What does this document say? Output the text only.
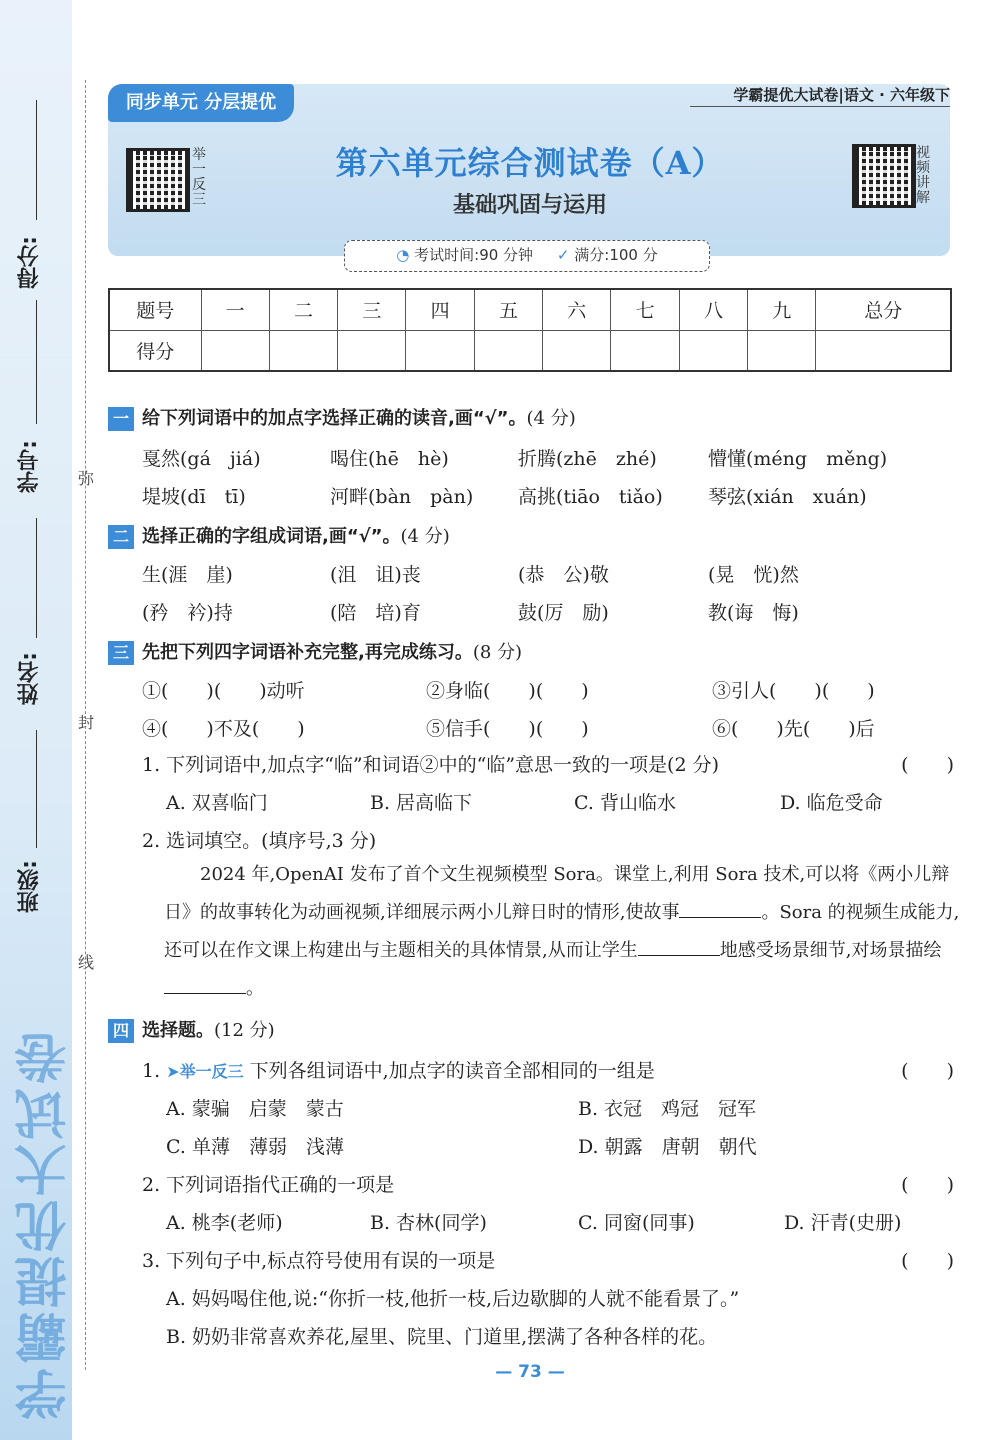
学霸提优大试卷
得分:
学号:
姓名:
班级:
弥
封
线
同步单元 分层提优	学霸提优大试卷|语文 · 六年级下
举一反三
视频讲解
第六单元综合测试卷（A）
基础巩固与运用
◔ 考试时间:90 分钟 ✓ 满分:100 分
题号	一	二	三	四	五	六	七	八	九	总分
得分										
一 给下列词语中的加点字选择正确的读音,画“√”。(4 分)
戛然(gá　jiá)	喝住(hē　hè)	折腾(zhē　zhé)	懵懂(méng　měng)
堤坡(dī　tī)	河畔(bàn　pàn) 高挑(tiāo　tiǎo) 琴弦(xián　xuán)
二 选择正确的字组成词语,画“√”。(4 分)
生(涯　崖)	(沮　诅)丧	(恭　公)敬	(晃　恍)然
(矜　衿)持	(陪　培)育	鼓(厉　励)	教(诲　悔)
三 先把下列四字词语补充完整,再完成练习。(8 分)
①(　　)(　　)动听	②身临(　　)(　　)	③引人(　　)(　　)
④(　　)不及(　　)	⑤信手(　　)(　　)	⑥(　　)先(　　)后
1. 下列词语中,加点字“临”和词语②中的“临”意思一致的一项是(2 分)	(　　)
A. 双喜临门	B. 居高临下	C. 背山临水	D. 临危受命
2. 选词填空。(填序号,3 分)

2024 年,OpenAI 发布了首个文生视频模型 Sora。课堂上,利用 Sora 技术,可以将《两小儿辩日》的故事转化为动画视频,详细展示两小儿辩日时的情形,使故事	。Sora 的视频生成能力,还可以在作文课上构建出与主题相关的具体情景,从而让学生	地感受场景细节,对场景描绘。

四 选择题。(12 分)
1. ➤举一反三 下列各组词语中,加点字的读音全部相同的一组是	(　　)
A. 蒙骗　启蒙　蒙古	B. 衣冠　鸡冠　冠军
C. 单薄　薄弱　浅薄	D. 朝露　唐朝　朝代
2. 下列词语指代正确的一项是	(　　)
A. 桃李(老师)	B. 杏林(同学)	C. 同窗(同事)	D. 汗青(史册)
3. 下列句子中,标点符号使用有误的一项是	(　　)
A. 妈妈喝住他,说:“你折一枝,他折一枝,后边歇脚的人就不能看景了。”
B. 奶奶非常喜欢养花,屋里、院里、门道里,摆满了各种各样的花。
— 73 —
